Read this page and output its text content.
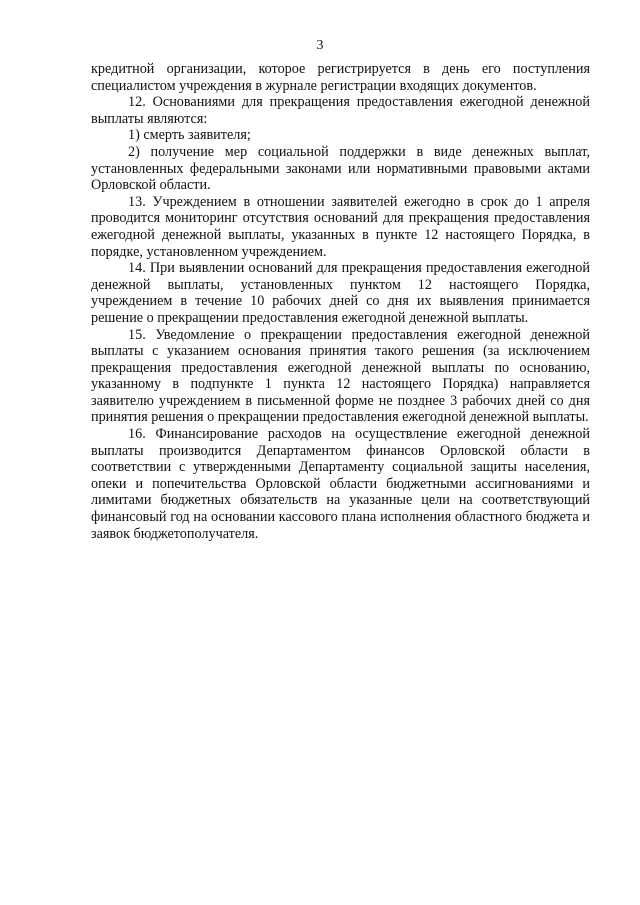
3

кредитной организации, которое регистрируется в день его поступления специалистом учреждения в журнале регистрации входящих документов.

12. Основаниями для прекращения предоставления ежегодной денежной выплаты являются:

1) смерть заявителя;

2) получение мер социальной поддержки в виде денежных выплат, установленных федеральными законами или нормативными правовыми актами Орловской области.

13. Учреждением в отношении заявителей ежегодно в срок до 1 апреля проводится мониторинг отсутствия оснований для прекращения предоставления ежегодной денежной выплаты, указанных в пункте 12 настоящего Порядка, в порядке, установленном учреждением.

14. При выявлении оснований для прекращения предоставления ежегодной денежной выплаты, установленных пунктом 12 настоящего Порядка, учреждением в течение 10 рабочих дней со дня их выявления принимается решение о прекращении предоставления ежегодной денежной выплаты.

15. Уведомление о прекращении предоставления ежегодной денежной выплаты с указанием основания принятия такого решения (за исключением прекращения предоставления ежегодной денежной выплаты по основанию, указанному в подпункте 1 пункта 12 настоящего Порядка) направляется заявителю учреждением в письменной форме не позднее 3 рабочих дней со дня принятия решения о прекращении предоставления ежегодной денежной выплаты.

16. Финансирование расходов на осуществление ежегодной денежной выплаты производится Департаментом финансов Орловской области в соответствии с утвержденными Департаменту социальной защиты населения, опеки и попечительства Орловской области бюджетными ассигнованиями и лимитами бюджетных обязательств на указанные цели на соответствующий финансовый год на основании кассового плана исполнения областного бюджета и заявок бюджетополучателя.
